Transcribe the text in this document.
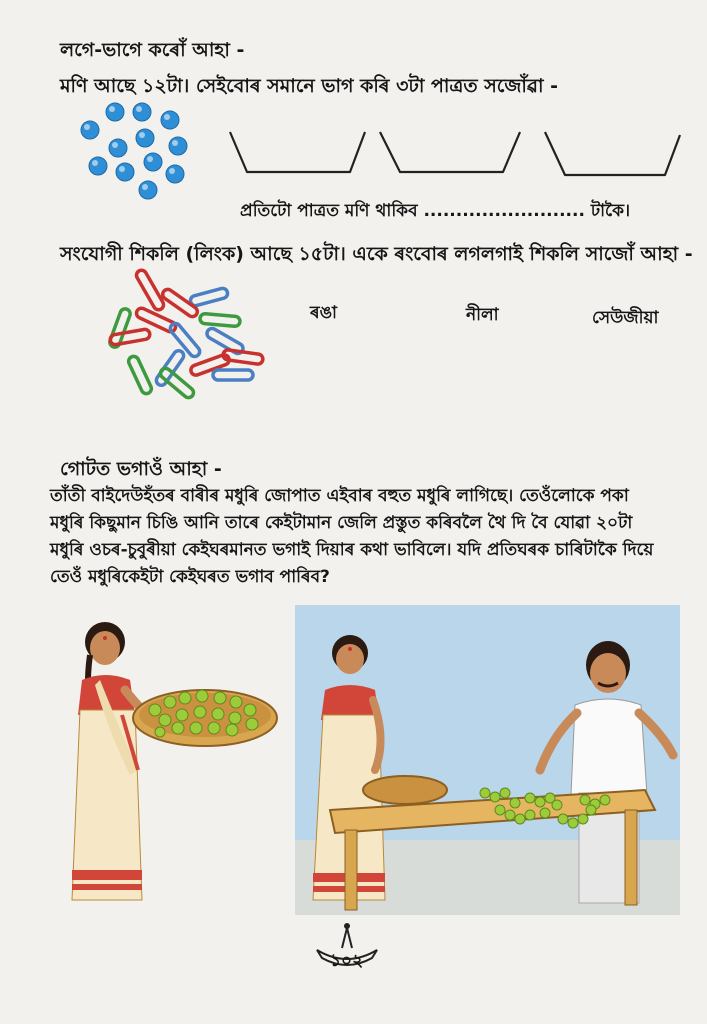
লগে-ভাগে কৰোঁ আহা -
মণি আছে ১২টা। সেইবোৰ সমানে ভাগ কৰি ৩টা পাত্ৰত সজোঁৱা -
প্ৰতিটো পাত্ৰত মণি থাকিব ......................... টাকৈ।
সংযোগী শিকলি (লিংক) আছে ১৫টা। একে ৰংবোৰ লগলগাই শিকলি সাজোঁ আহা -
ৰঙা	নীলা	সেউজীয়া
গোটত ভগাওঁ আহা -
তাঁতী বাইদেউহঁতৰ বাৰীৰ মধুৰি জোপাত এইবাৰ বহুত মধুৰি লাগিছে। তেওঁলোকে পকা
মধুৰি কিছুমান চিঙি আনি তাৰে কেইটামান জেলি প্ৰস্তুত কৰিবলৈ থৈ দি বৈ যোৱা ২০টা
মধুৰি ওচৰ-চুবুৰীয়া কেইঘৰমানত ভগাই দিয়াৰ কথা ভাবিলে। যদি প্ৰতিঘৰক চাৰিটাকৈ দিয়ে
তেওঁ মধুৰিকেইটা কেইঘৰত ভগাব পাৰিব?
১০২
